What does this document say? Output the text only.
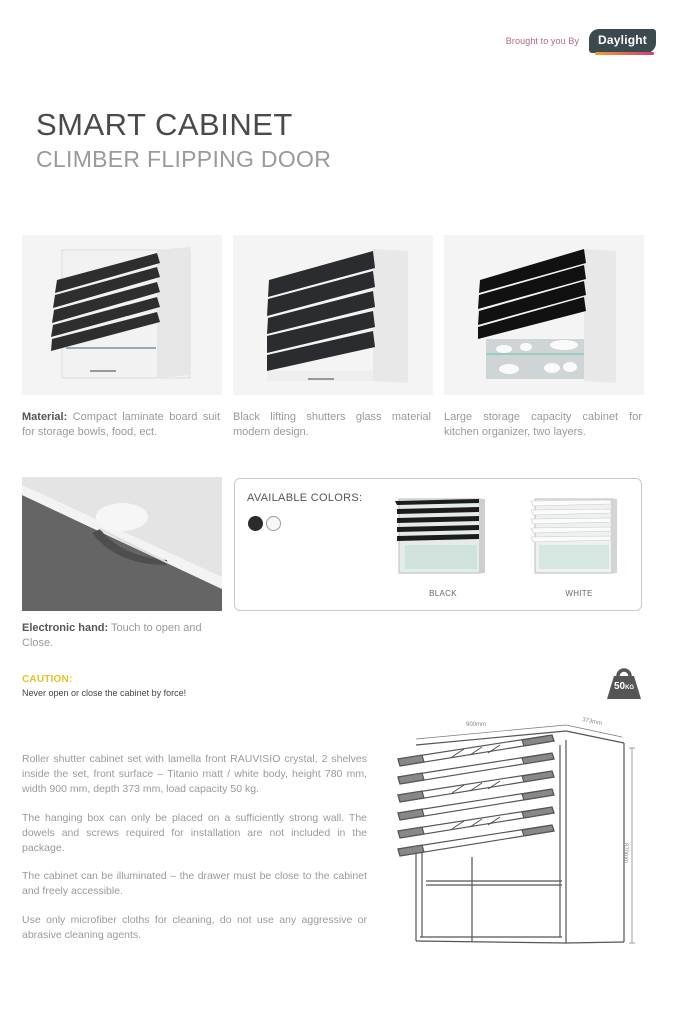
Brought to you By	Daylight
SMART CABINET
CLIMBER FLIPPING DOOR
Material: Compact laminate board suit for storage bowls, food, ect.
Black lifting shutters glass material modern design.
Large storage capacity cabinet for kitchen organizer, two layers.
Electronic hand: Touch to open and Close.
AVAILABLE COLORS:
BLACK	WHITE
CAUTION:
Never open or close the cabinet by force!
50KG

Roller shutter cabinet set with lamella front RAUVISIO crystal, 2 shelves inside the set, front surface – Titanio matt / white body, height 780 mm, width 900 mm, depth 373 mm, load capacity 50 kg.

The hanging box can only be placed on a sufficiently strong wall. The dowels and screws required for installation are not included in the package.

The cabinet can be illuminated – the drawer must be close to the cabinet and freely accessible.

Use only microfiber cloths for cleaning, do not use any aggressive or abrasive cleaning agents.

900mm	373mm
870mm
